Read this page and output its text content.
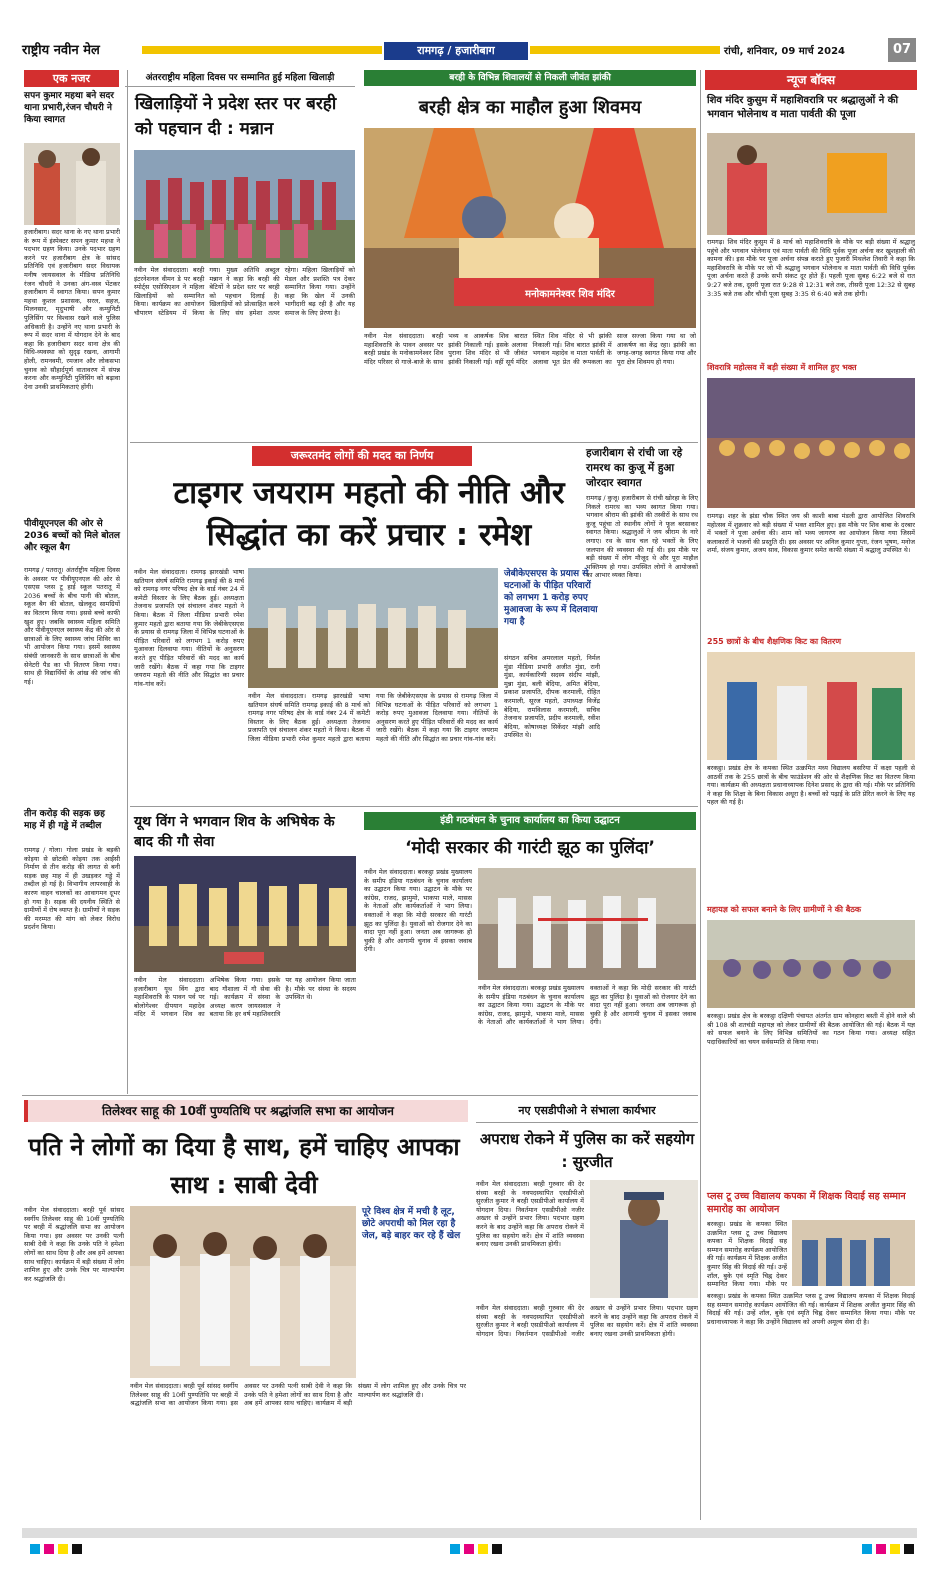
राष्ट्रीय नवीन मेल	रामगढ़ / हजारीबाग	रांची, शनिवार, 09 मार्च 2024	07
एक नजर
सपन कुमार महथा बने सदर थाना प्रभारी,रंजन चौधरी ने किया स्वागत
हजारीबाग। सदर थाना के नए थाना प्रभारी के रूप में इंस्पेक्टर सपन कुमार महथा ने पदभार ग्रहण किया। उनके पदभार ग्रहण करने पर हजारीबाग क्षेत्र के सांसद प्रतिनिधि एवं हजारीबाग सदर विधायक मनीष जायसवाल के मीडिया प्रतिनिधि रंजन चौधरी ने उनका अंग-वस्त्र भेंटकर हजारीबाग में स्वागत किया। सपन कुमार महथा कुशल प्रशासक, सरल, सहज, मिलनसार, मृदुभाषी और कम्युनिटी पुलिसिंग पर विश्वास रखने वाले पुलिस अधिकारी है। उन्होंने नए थाना प्रभारी के रूप में सदर थाना में योगदान देने के बाद कहा कि हजारीबाग सदर थाना क्षेत्र की विधि-व्यवस्था को सुदृढ़ रखना, आगामी होली, रामनवमी, रमजान और लोकसभा चुनाव को सौहार्दपूर्ण वातावरण में संपन्न करना और कम्युनिटी पुलिसिंग को बढ़ावा देना उनकी प्राथमिकताएं होंगी।
पीवीयूएनएल की ओर से 2036 बच्चों को मिले बोतल और स्कूल बैग
रामगढ़ / पतरातू। अंतर्राष्ट्रीय महिला दिवस के अवसर पर पीवीयूएनएल की ओर से एसएस प्लस टू हाई स्कूल पतरातू में 2036 बच्चों के बीच पानी की बोतल, स्कूल बैग की बोतल, खेलकूद सामग्रियों का वितरण किया गया। इससे बच्चे काफी खुश हुए। जबकि स्वास्थ्य महिला समिति और पीवीयूएनएल स्वास्थ्य केंद्र की ओर से छात्राओं के लिए स्वास्थ्य जांच शिविर का भी आयोजन किया गया। इसमें स्वास्थ्य संबंधी जानकारी के साथ छात्राओं के बीच सेनेटरी पैड का भी वितरण किया गया। साथ ही विद्यार्थियों के आंख की जांच की गई।
तीन करोड़ की सड़क छह माह में ही गड्ढे में तब्दील
रामगढ़ / गोला। गोला प्रखंड के बड़की कोइया से छोटकी कोइया तक आर्ईसी निर्माण से तीन करोड़ की लागत से बनी सड़क छह माह में ही उखड़कर गड्ढे में तब्दील हो गई है। विभागीय लापरवाही के कारण वाहन चालकों का आवागमन दूभर हो गया है। सड़क की दयनीय स्थिति से ग्रामीणों में रोष व्याप्त है। ग्रामीणों ने सड़क की मरम्मत की मांग को लेकर विरोध प्रदर्शन किया।
अंतरराष्ट्रीय महिला दिवस पर सम्मानित हुई महिला खिलाड़ी
खिलाड़ियों ने प्रदेश स्तर पर बरही को पहचान दी : मन्नान
नवीन मेल संवाददाता। बरही इंटरनेशनल वीमन डे पर बरही स्पोर्ट्स एसोसिएशन ने महिला खिलाड़ियों को सम्मानित किया। कार्यक्रम का आयोजन चौपारण स्टेडियम में किया गया। मुख्य अतिथि अब्दुल मन्नान ने कहा कि बरही की बेटियों ने प्रदेश स्तर पर बरही को पहचान दिलाई है। खिलाड़ियों को प्रोत्साहित करने के लिए संघ हमेशा तत्पर रहेगा। महिला खिलाड़ियों को मेडल और प्रशस्ति पत्र देकर सम्मानित किया गया। उन्होंने कहा कि खेल में उनकी भागीदारी बढ़ रही है और यह समाज के लिए प्रेरणा है।
बरही के विभिन्न शिवालयों से निकली जीवंत झांकी
बरही क्षेत्र का माहौल हुआ शिवमय
मनोकामनेश्वर शिव मंदिर
नवीन मेल संवाददाता। बरही महाशिवरात्रि के पावन अवसर पर बरही प्रखंड के मनोकामनेश्वर शिव मंदिर परिसर से गाजे-बाजे के साथ भव्य व आकर्षक शिव बारात झांकी निकाली गई। इसके अलावा पुराना शिव मंदिर से भी जीवंत झांकी निकाली गई। वहीं सूर्य मंदिर स्थित शिव मंदिर से भी झांकी निकाली गई। शिव बारात झांकी में भगवान महादेव व माता पार्वती के अलावा भूत प्रेत की रूपकला का साज सज्जा किया गया था जो आकर्षण का केंद्र रहा। झांकी का जगह-जगह स्वागत किया गया और पूरा क्षेत्र शिवमय हो गया।
न्यूज बॉक्स
शिव मंदिर कुसुम में महाशिवरात्रि पर श्रद्धालुओं ने की भगवान भोलेनाथ व माता पार्वती की पूजा
रामगढ़। शिव मंदिर कुसुम में 8 मार्च को महाशिवरात्रि के मौके पर बड़ी संख्या में श्रद्धालु पहुंचे और भगवान भोलेनाथ एवं माता पार्वती की विधि पूर्वक पूजा अर्चना कर खुशहाली की कामना की। इस मौके पर पूजा अर्चना संपन्न कराते हुए पुजारी मिथलेश तिवारी ने कहा कि महाशिवरात्रि के मौके पर जो भी श्रद्धालु भगवान भोलेनाथ व माता पार्वती की विधि पूर्वक पूजा अर्चना करते हैं उनके सभी संकट दूर होते हैं। पहली पूजा सुबह 6:22 बजे से रात 9:27 बजे तक, दूसरी पूजा रात 9:28 से 12:31 बजे तक, तीसरी पूजा 12:32 से सुबह 3:35 बजे तक और चौथी पूजा सुबह 3:35 से 6:40 बजे तक होगी।
शिवरात्रि महोत्सव में बड़ी संख्या में शामिल हुए भक्त
रामगढ़। शहर के झंडा चौक स्थित जय श्री काशी बाबा मंडली द्वारा आयोजित शिवरात्रि महोत्सव में शुक्रवार को बड़ी संख्या में भक्त शामिल हुए। इस मौके पर शिव बाबा के दरबार में भक्तों ने पूजा अर्चना की। शाम को भव्य जागरण का आयोजन किया गया जिसमें कलाकारों ने भजनों की प्रस्तुति दी। इस अवसर पर अनिल कुमार गुप्ता, रंजन भूषण, मनोज शर्मा, संजय कुमार, अजय साव, विकास कुमार समेत काफी संख्या में श्रद्धालु उपस्थित थे।
255 छात्रों के बीच शैक्षणिक किट का वितरण
बरकट्ठा। प्रखंड क्षेत्र के कपका स्थित उत्क्रमित मध्य विद्यालय बसरिया में कक्षा पहली से आठवीं तक के 255 छात्रों के बीच फाउंडेशन की ओर से शैक्षणिक किट का वितरण किया गया। कार्यक्रम की अध्यक्षता प्रधानाध्यापक दिनेश प्रसाद के द्वारा की गई। मौके पर प्रतिनिधि ने कहा कि शिक्षा के बिना विकास अधूरा है। बच्चों को पढ़ाई के प्रति प्रेरित करने के लिए यह पहल की गई है।
महायज्ञ को सफल बनाने के लिए ग्रामीणों ने की बैठक
बरकट्ठा। प्रखंड क्षेत्र के बरकट्ठा दक्षिणी पंचायत अंतर्गत ग्राम कोनहारा बस्ती में होने वाले श्री श्री 108 श्री शतचंडी महायज्ञ को लेकर ग्रामीणों की बैठक आयोजित की गई। बैठक में यज्ञ को सफल बनाने के लिए विभिन्न समितियों का गठन किया गया। अध्यक्ष सहित पदाधिकारियों का चयन सर्वसम्मति से किया गया।
प्लस टू उच्च विद्यालय कपका में शिक्षक विदाई सह सम्मान समारोह का आयोजन
बरकट्ठा। प्रखंड के कपका स्थित उत्क्रमित प्लस टू उच्च विद्यालय कपका में शिक्षक विदाई सह सम्मान समारोह कार्यक्रम आयोजित की गई। कार्यक्रम में शिक्षक अजीत कुमार सिंह की विदाई की गई। उन्हें शॉल, बुके एवं स्मृति चिह्न देकर सम्मानित किया गया। मौके पर
बरकट्ठा। प्रखंड के कपका स्थित उत्क्रमित प्लस टू उच्च विद्यालय कपका में शिक्षक विदाई सह सम्मान समारोह कार्यक्रम आयोजित की गई। कार्यक्रम में शिक्षक अजीत कुमार सिंह की विदाई की गई। उन्हें शॉल, बुके एवं स्मृति चिह्न देकर सम्मानित किया गया। मौके पर प्रधानाध्यापक ने कहा कि उन्होंने विद्यालय को अपनी अमूल्य सेवा दी है।
जरूरतमंद लोगों की मदद का निर्णय
टाइगर जयराम महतो की नीति और सिद्धांत का करें प्रचार : रमेश
नवीन मेल संवाददाता। रामगढ़ झारखंडी भाषा खतियान संघर्ष समिति रामगढ़ इकाई की 8 मार्च को रामगढ़ नगर परिषद क्षेत्र के वार्ड नंबर 24 में कमेटी विस्तार के लिए बैठक हुई। अध्यक्षता तेजनाथ प्रजापति एवं संचालन शंकर महतो ने किया। बैठक में जिला मीडिया प्रभारी रमेश कुमार महतो द्वारा बताया गया कि जेबीकेएसएस के प्रयास से रामगढ़ जिला में विभिन्न घटनाओं के पीड़ित परिवारों को लगभग 1 करोड़ रुपए मुआवजा दिलवाया गया। नीतियों के अनुसरण करते हुए पीड़ित परिवारों की मदद का कार्य जारी रखेंगे। बैठक में कहा गया कि टाइगर जयराम महतो की नीति और सिद्धांत का प्रचार गांव-गांव करें।
नवीन मेल संवाददाता। रामगढ़ झारखंडी भाषा खतियान संघर्ष समिति रामगढ़ इकाई की 8 मार्च को रामगढ़ नगर परिषद क्षेत्र के वार्ड नंबर 24 में कमेटी विस्तार के लिए बैठक हुई। अध्यक्षता तेजनाथ प्रजापति एवं संचालन शंकर महतो ने किया। बैठक में जिला मीडिया प्रभारी रमेश कुमार महतो द्वारा बताया गया कि जेबीकेएसएस के प्रयास से रामगढ़ जिला में विभिन्न घटनाओं के पीड़ित परिवारों को लगभग 1 करोड़ रुपए मुआवजा दिलवाया गया। नीतियों के अनुसरण करते हुए पीड़ित परिवारों की मदद का कार्य जारी रखेंगे। बैठक में कहा गया कि टाइगर जयराम महतो की नीति और सिद्धांत का प्रचार गांव-गांव करें।
जेबीकेएसएस के प्रयास से घटनाओं के पीड़ित परिवारों को लगभग 1 करोड़ रुपए मुआवजा के रूप में दिलवाया गया है
संगठन सचिव अमरलाल महतो, निर्मल मुंडा मीडिया प्रभारी अजीत मुंडा, रानी मुंडा, कार्यकारिणी सदस्य संदीप मांझी, मुन्ना मुंडा, बली बेदिया, अमित बेदिया, प्रकाश प्रजापति, दीपक करमाली, रोहित करमाली, सूरज महतो, उपाध्यक्ष विजेंद्र बेदिया, रामविलास करमाली, सचिव तेजनाथ प्रजापति, प्रदीप करमाली, रवीश बेदिया, कोषाध्यक्ष सिकेंदर मांझी आदि उपस्थित थे।
हजारीबाग से रांची जा रहे रामरथ का कुजू में हुआ जोरदार स्वागत
रामगढ़ / कुजू। हजारीबाग से रांची खोरहा के लिए निकले रामरथ का भव्य स्वागत किया गया। भगवान श्रीराम की झांकी की तस्वीरों के साथ रथ कुजू पहुंचा तो स्थानीय लोगों ने फूल बरसाकर स्वागत किया। श्रद्धालुओं ने जय श्रीराम के नारे लगाए। रथ के साथ चल रहे भक्तों के लिए जलपान की व्यवस्था की गई थी। इस मौके पर बड़ी संख्या में लोग मौजूद थे और पूरा माहौल भक्तिमय हो गया। उपस्थित लोगों ने आयोजकों का आभार व्यक्त किया।
यूथ विंग ने भगवान शिव के अभिषेक के बाद की गौ सेवा
नवीन मेल संवाददाता। हजारीबाग यूथ विंग द्वारा महाशिवरात्रि के पावन पर्व पर बोलोगेश्वर दीपयान महादेव मंदिर में भगवान शिव का अभिषेक किया गया। इसके बाद गौशाला में गौ सेवा की गई। कार्यक्रम में संस्था के अध्यक्ष करण जायसवाल ने बताया कि हर वर्ष महाशिवरात्रि पर यह आयोजन किया जाता है। मौके पर संस्था के सदस्य उपस्थित थे।
इंडी गठबंधन के चुनाव कार्यालय का किया उद्घाटन
‘मोदी सरकार की गारंटी झूठ का पुलिंदा’
नवीन मेल संवाददाता। बरकट्ठा प्रखंड मुख्यालय के समीप इंडिया गठबंधन के चुनाव कार्यालय का उद्घाटन किया गया। उद्घाटन के मौके पर कांग्रेस, राजद, झामुमो, भाकपा माले, मासस के नेताओं और कार्यकर्ताओं ने भाग लिया। वक्ताओं ने कहा कि मोदी सरकार की गारंटी झूठ का पुलिंदा है। युवाओं को रोजगार देने का वादा पूरा नहीं हुआ। जनता अब जागरूक हो चुकी है और आगामी चुनाव में इसका जवाब देगी।
नवीन मेल संवाददाता। बरकट्ठा प्रखंड मुख्यालय के समीप इंडिया गठबंधन के चुनाव कार्यालय का उद्घाटन किया गया। उद्घाटन के मौके पर कांग्रेस, राजद, झामुमो, भाकपा माले, मासस के नेताओं और कार्यकर्ताओं ने भाग लिया। वक्ताओं ने कहा कि मोदी सरकार की गारंटी झूठ का पुलिंदा है। युवाओं को रोजगार देने का वादा पूरा नहीं हुआ। जनता अब जागरूक हो चुकी है और आगामी चुनाव में इसका जवाब देगी।
तिलेश्वर साहू की 10वीं पुण्यतिथि पर श्रद्धांजलि सभा का आयोजन
पति ने लोगों का दिया है साथ, हमें चाहिए आपका साथ : साबी देवी
नवीन मेल संवाददाता। बरही पूर्व सांसद स्वर्गीय तिलेश्वर साहू की 10वीं पुण्यतिथि पर बरही में श्रद्धांजलि सभा का आयोजन किया गया। इस अवसर पर उनकी पत्नी साबी देवी ने कहा कि उनके पति ने हमेशा लोगों का साथ दिया है और अब हमें आपका साथ चाहिए। कार्यक्रम में बड़ी संख्या में लोग शामिल हुए और उनके चित्र पर माल्यार्पण कर श्रद्धांजलि दी।
पूरे विश्व क्षेत्र में मची है लूट, छोटे अपराधी को मिल रहा है जेल, बड़े बाहर कर रहे हैं खेल
नवीन मेल संवाददाता। बरही पूर्व सांसद स्वर्गीय तिलेश्वर साहू की 10वीं पुण्यतिथि पर बरही में श्रद्धांजलि सभा का आयोजन किया गया। इस अवसर पर उनकी पत्नी साबी देवी ने कहा कि उनके पति ने हमेशा लोगों का साथ दिया है और अब हमें आपका साथ चाहिए। कार्यक्रम में बड़ी संख्या में लोग शामिल हुए और उनके चित्र पर माल्यार्पण कर श्रद्धांजलि दी।
नए एसडीपीओ ने संभाला कार्यभार
अपराध रोकने में पुलिस का करें सहयोग : सुरजीत
नवीन मेल संवाददाता। बरही गुरुवार की देर संध्या बरही के नवपदस्थापित एसडीपीओ सुरजीत कुमार ने बरही एसडीपीओ कार्यालय में योगदान दिया। निवर्तमान एसडीपीओ नजीर अख्तर से उन्होंने प्रभार लिया। पदभार ग्रहण करने के बाद उन्होंने कहा कि अपराध रोकने में पुलिस का सहयोग करें। क्षेत्र में शांति व्यवस्था बनाए रखना उनकी प्राथमिकता होगी।
नवीन मेल संवाददाता। बरही गुरुवार की देर संध्या बरही के नवपदस्थापित एसडीपीओ सुरजीत कुमार ने बरही एसडीपीओ कार्यालय में योगदान दिया। निवर्तमान एसडीपीओ नजीर अख्तर से उन्होंने प्रभार लिया। पदभार ग्रहण करने के बाद उन्होंने कहा कि अपराध रोकने में पुलिस का सहयोग करें। क्षेत्र में शांति व्यवस्था बनाए रखना उनकी प्राथमिकता होगी।
